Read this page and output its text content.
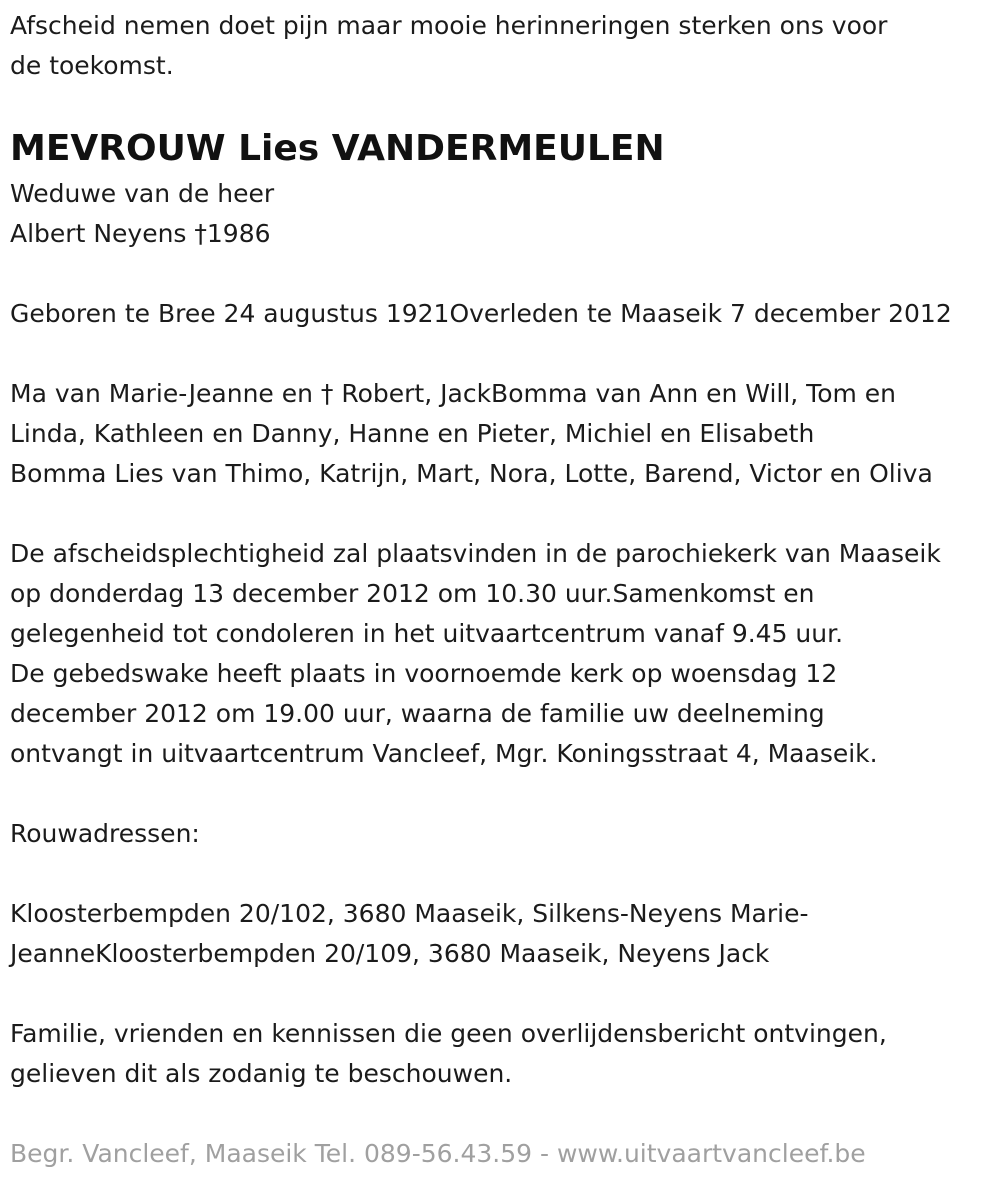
Afscheid nemen doet pijn maar mooie herinneringen sterken ons voor
de toekomst.
MEVROUW Lies VANDERMEULEN
Weduwe van de heer
Albert Neyens †1986
Geboren te Bree 24 augustus 1921Overleden te Maaseik 7 december 2012
Ma van Marie-Jeanne en † Robert, JackBomma van Ann en Will, Tom en
Linda, Kathleen en Danny, Hanne en Pieter, Michiel en Elisabeth
Bomma Lies van Thimo, Katrijn, Mart, Nora, Lotte, Barend, Victor en Oliva
De afscheidsplechtigheid zal plaatsvinden in de parochiekerk van Maaseik
op donderdag 13 december 2012 om 10.30 uur.Samenkomst en
gelegenheid tot condoleren in het uitvaartcentrum vanaf 9.45 uur.
De gebedswake heeft plaats in voornoemde kerk op woensdag 12
december 2012 om 19.00 uur, waarna de familie uw deelneming
ontvangt in uitvaartcentrum Vancleef, Mgr. Koningsstraat 4, Maaseik.
Rouwadressen:
Kloosterbempden 20/102, 3680 Maaseik, Silkens-Neyens Marie-
JeanneKloosterbempden 20/109, 3680 Maaseik, Neyens Jack
Familie, vrienden en kennissen die geen overlijdensbericht ontvingen,
gelieven dit als zodanig te beschouwen.
Begr. Vancleef, Maaseik Tel. 089-56.43.59 - www.uitvaartvancleef.be
